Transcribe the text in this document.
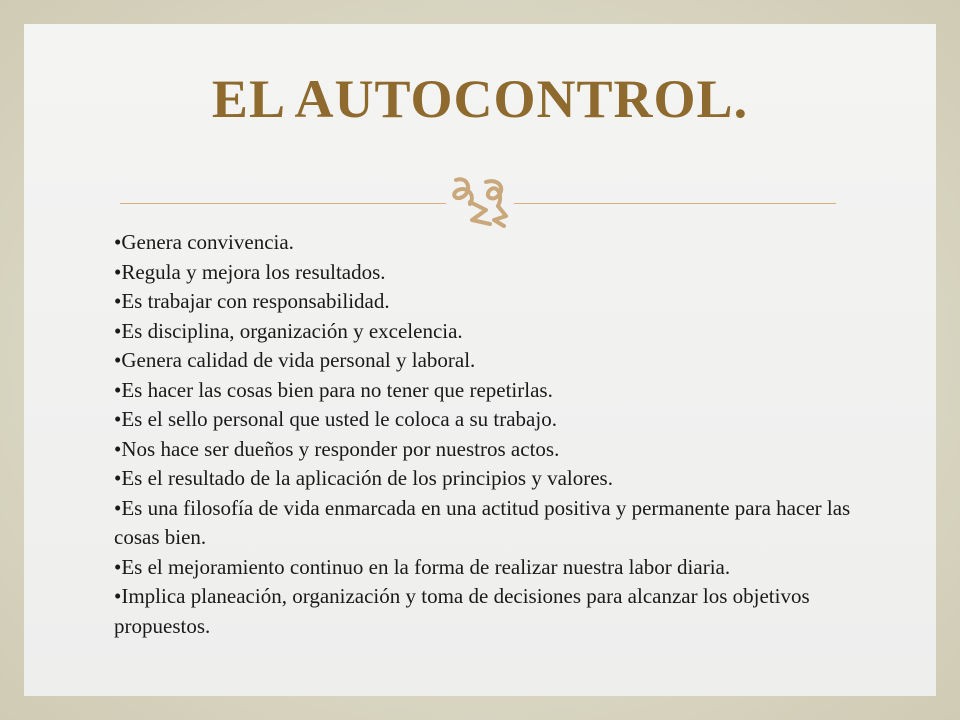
EL AUTOCONTROL.
•Genera convivencia.
•Regula y mejora los resultados.
•Es trabajar con responsabilidad.
•Es disciplina, organización y excelencia.
•Genera calidad de vida personal y laboral.
•Es hacer las cosas bien para no tener que repetirlas.
•Es el sello personal que usted le coloca a su trabajo.
•Nos hace ser dueños y responder por nuestros actos.
•Es el resultado de la aplicación de los principios y valores.
•Es una filosofía de vida enmarcada en una actitud positiva y permanente para hacer las cosas bien.
•Es el mejoramiento continuo en la forma de realizar nuestra labor diaria.
•Implica planeación, organización y toma de decisiones para alcanzar los objetivos propuestos.
